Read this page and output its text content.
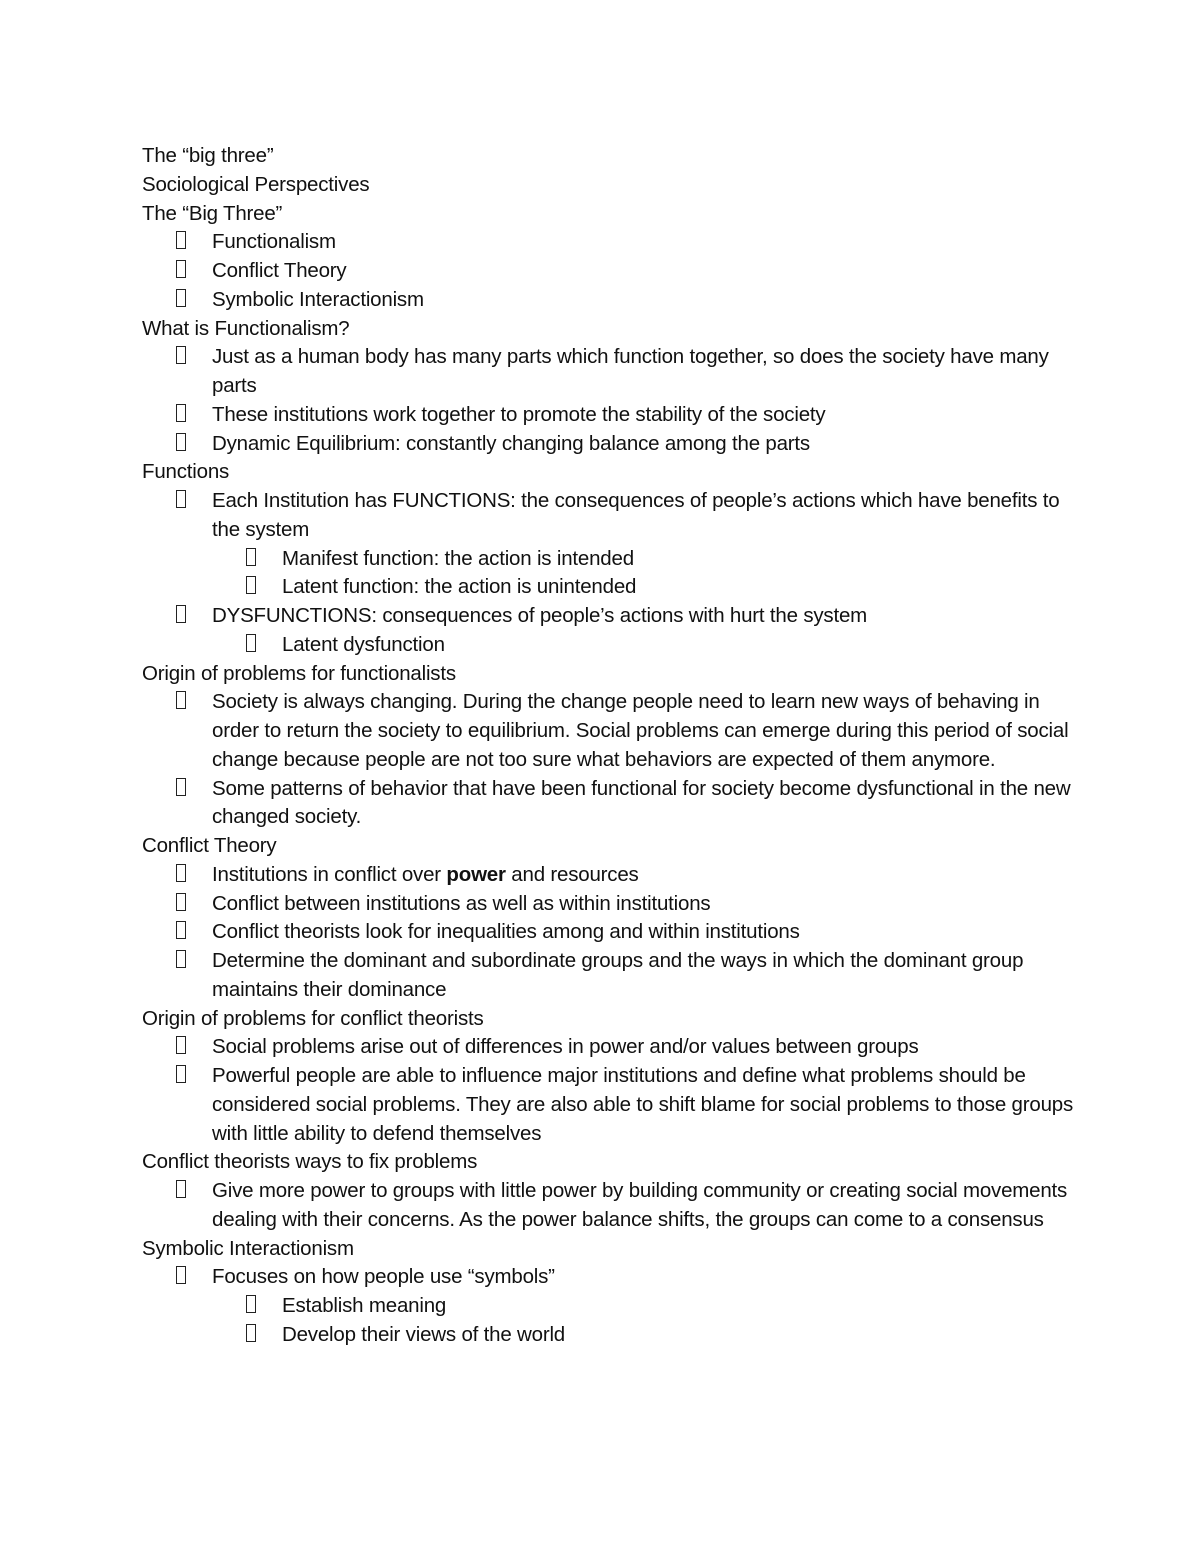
The “big three”

Sociological Perspectives

The “Big Three”

Functionalism

Conflict Theory

Symbolic Interactionism

What is Functionalism?

Just as a human body has many parts which function together, so does the society have many parts

These institutions work together to promote the stability of the society

Dynamic Equilibrium: constantly changing balance among the parts

Functions

Each Institution has FUNCTIONS: the consequences of people’s actions which have benefits to the system

Manifest function: the action is intended

Latent function: the action is unintended

DYSFUNCTIONS: consequences of people’s actions with hurt the system

Latent dysfunction

Origin of problems for functionalists

Society is always changing. During the change people need to learn new ways of behaving in order to return the society to equilibrium. Social problems can emerge during this period of social change because people are not too sure what behaviors are expected of them anymore.

Some patterns of behavior that have been functional for society become dysfunctional in the new changed society.

Conflict Theory

Institutions in conflict over power and resources

Conflict between institutions as well as within institutions

Conflict theorists look for inequalities among and within institutions

Determine the dominant and subordinate groups and the ways in which the dominant group maintains their dominance

Origin of problems for conflict theorists

Social problems arise out of differences in power and/or values between groups

Powerful people are able to influence major institutions and define what problems should be considered social problems. They are also able to shift blame for social problems to those groups with little ability to defend themselves

Conflict theorists ways to fix problems

Give more power to groups with little power by building community or creating social movements dealing with their concerns. As the power balance shifts, the groups can come to a consensus

Symbolic Interactionism

Focuses on how people use “symbols”

Establish meaning

Develop their views of the world
